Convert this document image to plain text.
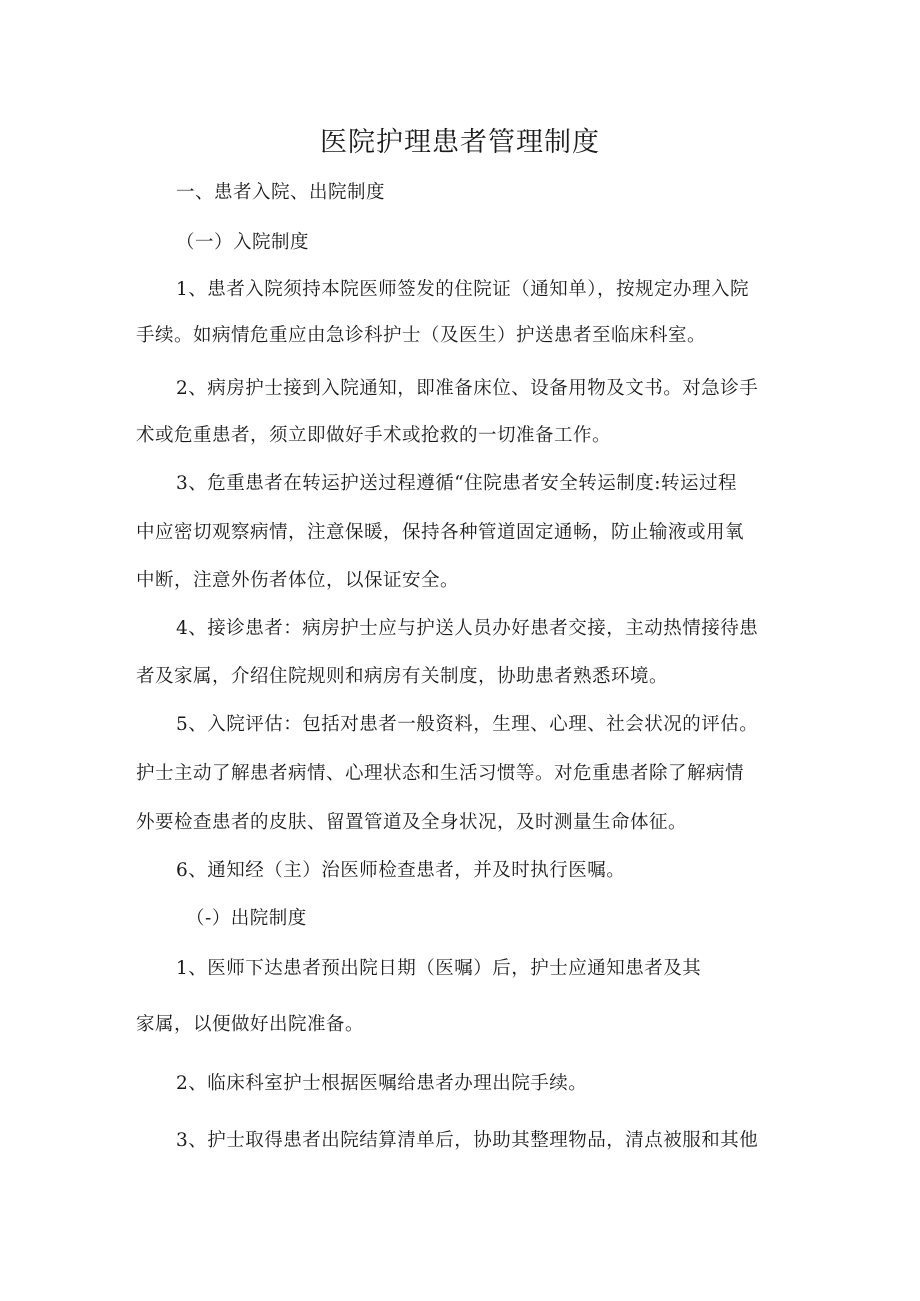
医院护理患者管理制度

一、患者入院、出院制度

（一）入院制度

1、患者入院须持本院医师签发的住院证（通知单），按规定办理入院

手续。如病情危重应由急诊科护士（及医生）护送患者至临床科室。

2、病房护士接到入院通知，即准备床位、设备用物及文书。对急诊手

术或危重患者，须立即做好手术或抢救的一切准备工作。

3、危重患者在转运护送过程遵循“住院患者安全转运制度:转运过程

中应密切观察病情，注意保暖，保持各种管道固定通畅，防止输液或用氧

中断，注意外伤者体位，以保证安全。

4、接诊患者：病房护士应与护送人员办好患者交接，主动热情接待患

者及家属，介绍住院规则和病房有关制度，协助患者熟悉环境。

5、入院评估：包括对患者一般资料，生理、心理、社会状况的评估。

护士主动了解患者病情、心理状态和生活习惯等。对危重患者除了解病情

外要检查患者的皮肤、留置管道及全身状况，及时测量生命体征。

6、通知经（主）治医师检查患者，并及时执行医嘱。

（-）出院制度

1、医师下达患者预出院日期（医嘱）后，护士应通知患者及其

家属，以便做好出院准备。

2、临床科室护士根据医嘱给患者办理出院手续。

3、护士取得患者出院结算清单后，协助其整理物品，清点被服和其他
